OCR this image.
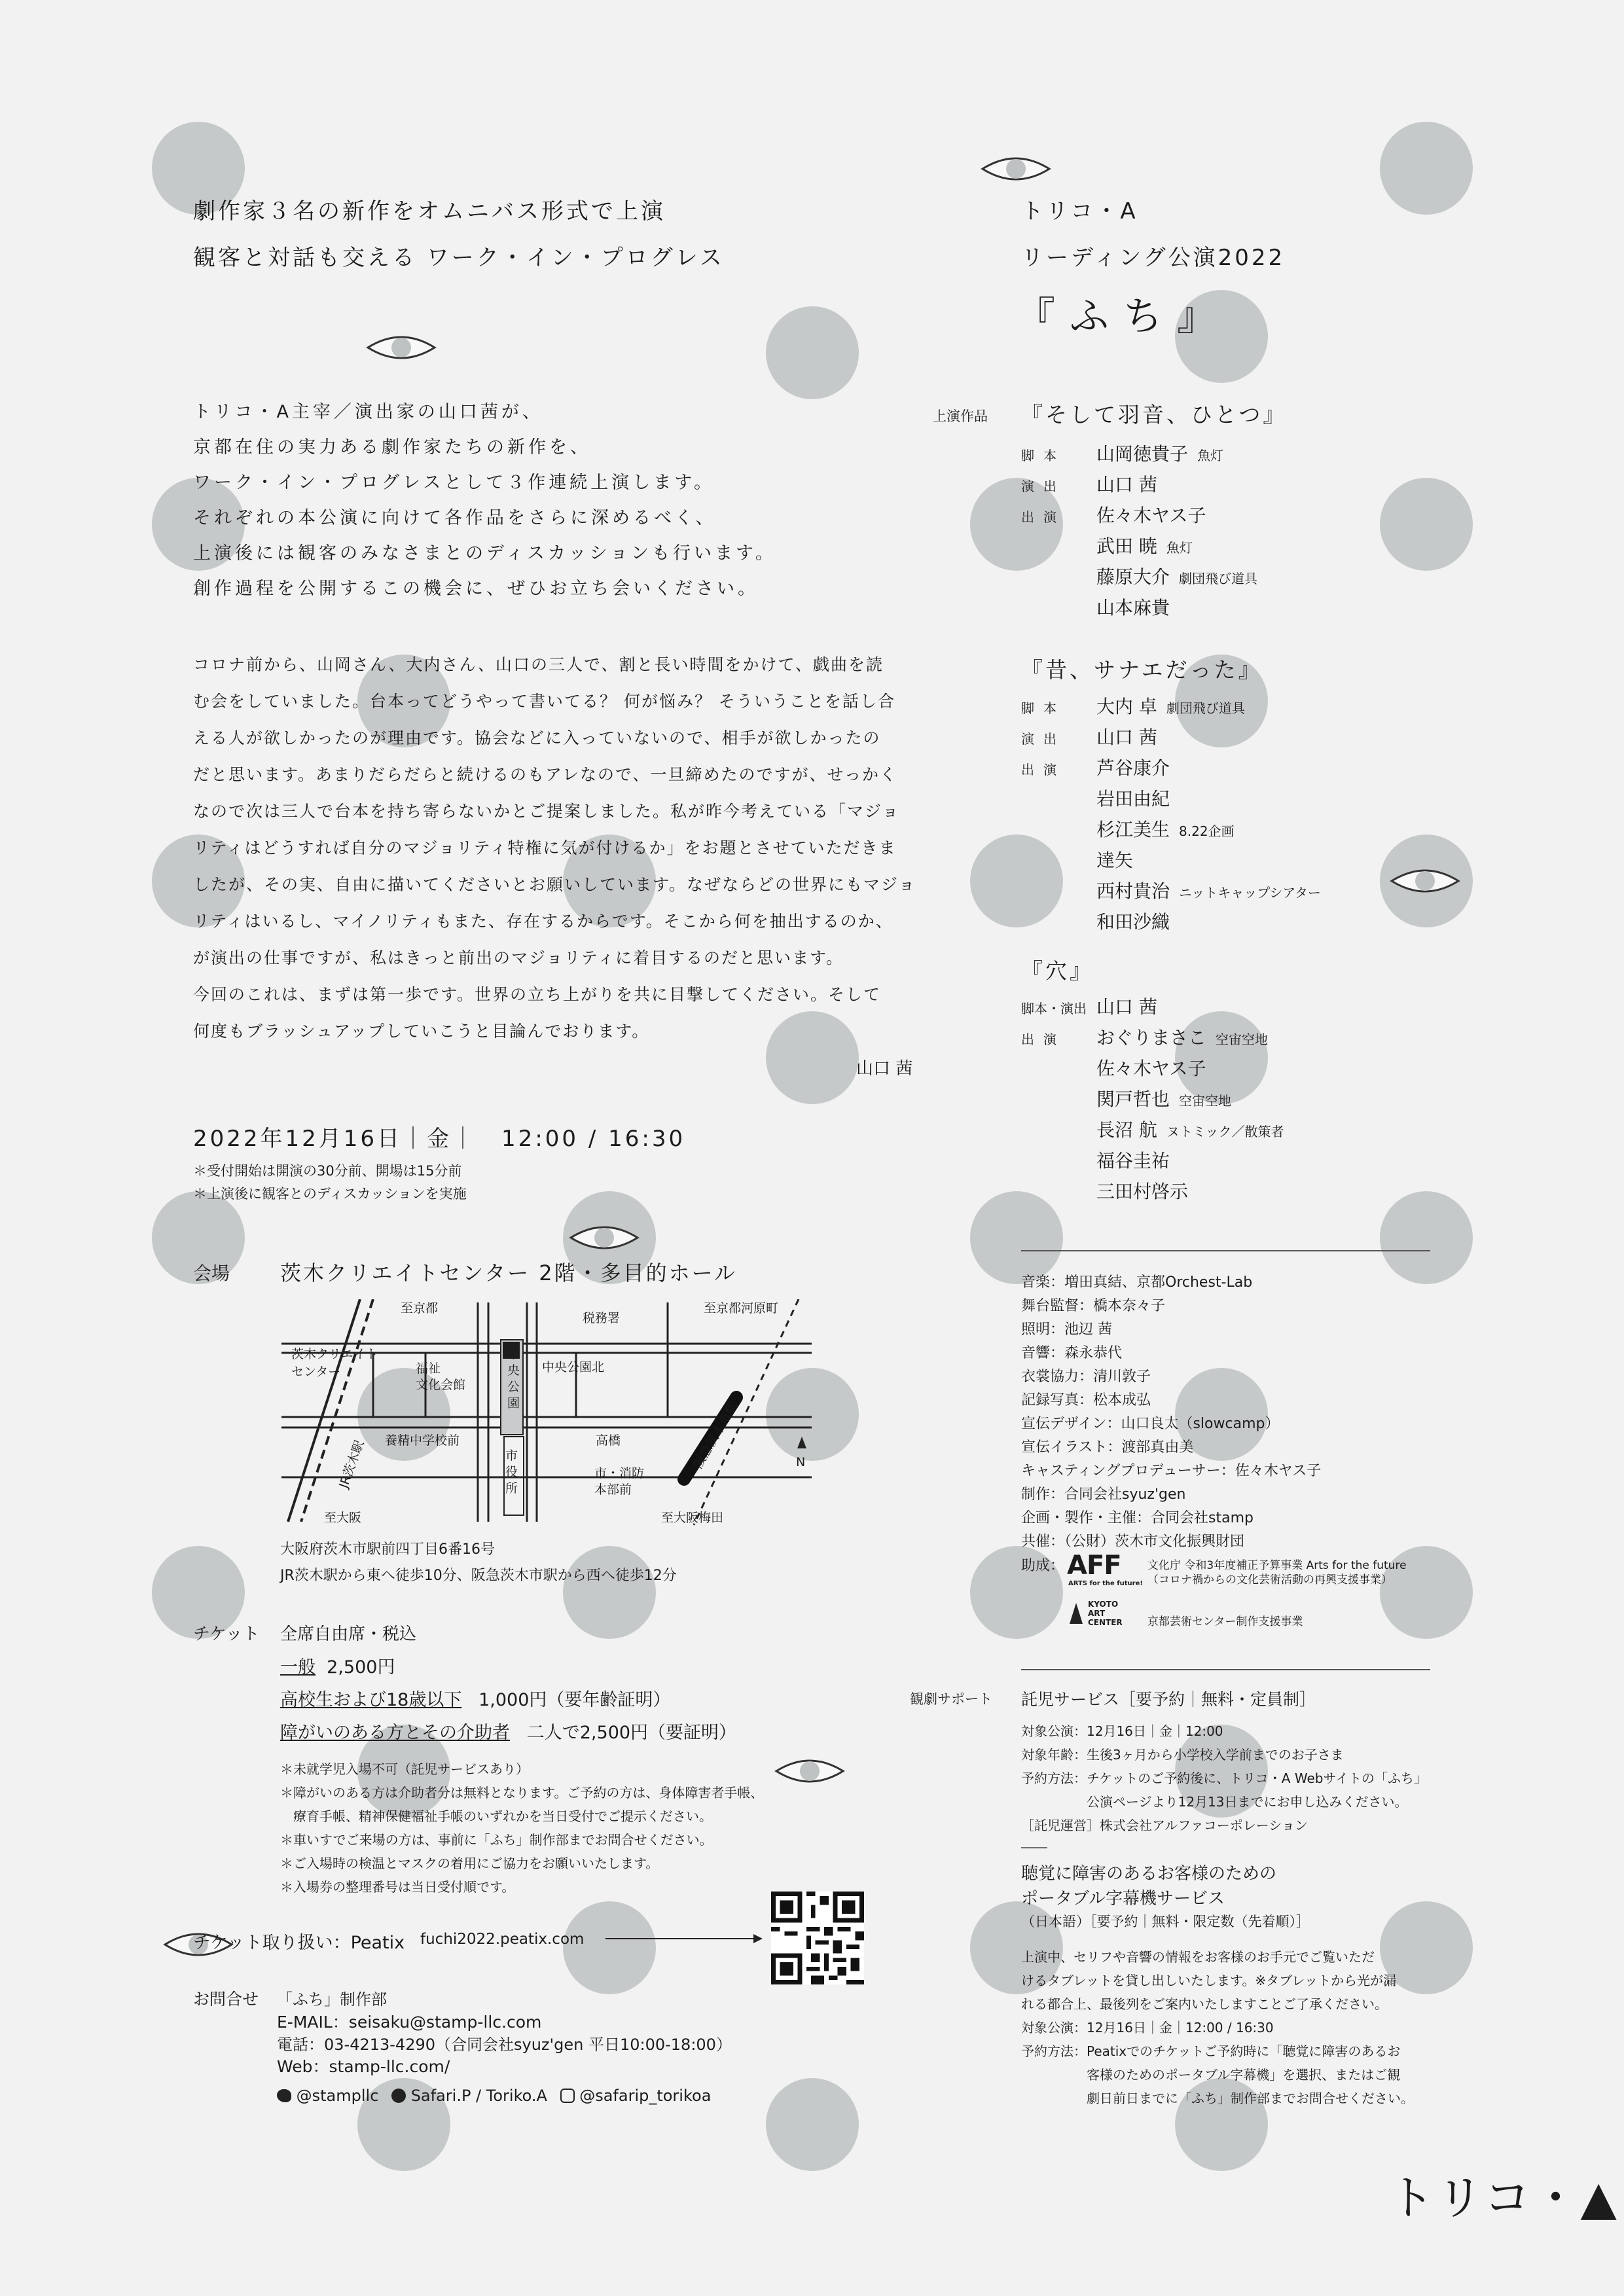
劇作家３名の新作をオムニバス形式で上演
観客と対話も交える ワーク・イン・プログレス
トリコ・A
リーディング公演2022
『ふち』
トリコ・A主宰／演出家の山口茜が、
京都在住の実力ある劇作家たちの新作を、
ワーク・イン・プログレスとして３作連続上演します。
それぞれの本公演に向けて各作品をさらに深めるべく、
上演後には観客のみなさまとのディスカッションも行います。
創作過程を公開するこの機会に、ぜひお立ち会いください。
コロナ前から、山岡さん、大内さん、山口の三人で、割と長い時間をかけて、戯曲を読
む会をしていました。台本ってどうやって書いてる？ 何が悩み？ そういうことを話し合
える人が欲しかったのが理由です。協会などに入っていないので、相手が欲しかったの
だと思います。あまりだらだらと続けるのもアレなので、一旦締めたのですが、せっかく
なので次は三人で台本を持ち寄らないかとご提案しました。私が昨今考えている「マジョ
リティはどうすれば自分のマジョリティ特権に気が付けるか」をお題とさせていただきま
したが、その実、自由に描いてくださいとお願いしています。なぜならどの世界にもマジョ
リティはいるし、マイノリティもまた、存在するからです。そこから何を抽出するのか、
が演出の仕事ですが、私はきっと前出のマジョリティに着目するのだと思います。
今回のこれは、まずは第一歩です。世界の立ち上がりを共に目撃してください。そして
何度もブラッシュアップしていこうと目論んでおります。
山口 茜
2022年12月16日｜金｜　12:00 / 16:30
＊受付開始は開演の30分前、開場は15分前
＊上演後に観客とのディスカッションを実施
会場 茨木クリエイトセンター 2階・多目的ホール
至京都	至京都河原町
税務署
茨木クリエイト
センター	福祉
文化会館
中央公園北
中
央
公
園
養精中学校前
市
役
所
高橋
市・消防
本部前
JR茨木駅	阪急茨木市駅
至大阪	至大阪梅田
N
大阪府茨木市駅前四丁目6番16号
JR茨木駅から東へ徒歩10分、阪急茨木市駅から西へ徒歩12分
チケット 全席自由席・税込
一般 2,500円
高校生および18歳以下 1,000円（要年齢証明）
障がいのある方とその介助者 二人で2,500円（要証明）
＊未就学児入場不可（託児サービスあり）
＊障がいのある方は介助者分は無料となります。ご予約の方は、身体障害者手帳、
　療育手帳、精神保健福祉手帳のいずれかを当日受付でご提示ください。
＊車いすでご来場の方は、事前に「ふち」制作部までお問合せください。
＊ご入場時の検温とマスクの着用にご協力をお願いいたします。
＊入場券の整理番号は当日受付順です。
チケット取り扱い：Peatix fuchi2022.peatix.com
お問合せ 「ふち」制作部
E-MAIL：seisaku@stamp-llc.com
電話：03-4213-4290（合同会社syuz'gen 平日10:00-18:00）
Web：stamp-llc.com/
@stampllc Safari.P / Toriko.A @safarip_torikoa
上演作品 『そして羽音、ひとつ』
脚本 山岡徳貴子 魚灯
演出 山口 茜
出演 佐々木ヤス子
武田 暁 魚灯
藤原大介 劇団飛び道具
山本麻貴
『昔、サナエだった』
脚本 大内 卓 劇団飛び道具
演出 山口 茜
出演 芦谷康介
岩田由紀
杉江美生 8.22企画
達矢
西村貴治 ニットキャップシアター
和田沙織
『穴』
脚本・演出 山口 茜
出演 おぐりまさこ 空宙空地
佐々木ヤス子
関戸哲也 空宙空地
長沼 航 ヌトミック／散策者
福谷圭祐
三田村啓示
音楽：増田真結、京都Orchest-Lab
舞台監督：橋本奈々子
照明：池辺 茜
音響：森永恭代
衣裳協力：清川敦子
記録写真：松本成弘
宣伝デザイン：山口良太（slowcamp）
宣伝イラスト：渡部真由美
キャスティングプロデューサー：佐々木ヤス子
制作：合同会社syuz'gen
企画・製作・主催：合同会社stamp
共催：（公財）茨木市文化振興財団
助成： AFF
ARTS for the future!
文化庁 令和3年度補正予算事業 Arts for the future
（コロナ禍からの文化芸術活動の再興支援事業）
KYOTO
ART
CENTER 京都芸術センター制作支援事業
観劇サポート 託児サービス［要予約｜無料・定員制］
対象公演：12月16日｜金｜12:00
対象年齢：生後3ヶ月から小学校入学前までのお子さま
予約方法：チケットのご予約後に、トリコ・A Webサイトの「ふち」
　　　　　公演ページより12月13日までにお申し込みください。
［託児運営］株式会社アルファコーポレーション
――
聴覚に障害のあるお客様のための
ポータブル字幕機サービス
（日本語）［要予約｜無料・限定数（先着順）］
上演中、セリフや音響の情報をお客様のお手元でご覧いただ
けるタブレットを貸し出しいたします。※タブレットから光が漏
れる都合上、最後列をご案内いたしますことご了承ください。
対象公演：12月16日｜金｜12:00 / 16:30
予約方法：Peatixでのチケットご予約時に「聴覚に障害のあるお
　　　　　客様のためのポータブル字幕機」を選択、またはご観
　　　　　劇日前日までに「ふち」制作部までお問合せください。
トリコ・▲
